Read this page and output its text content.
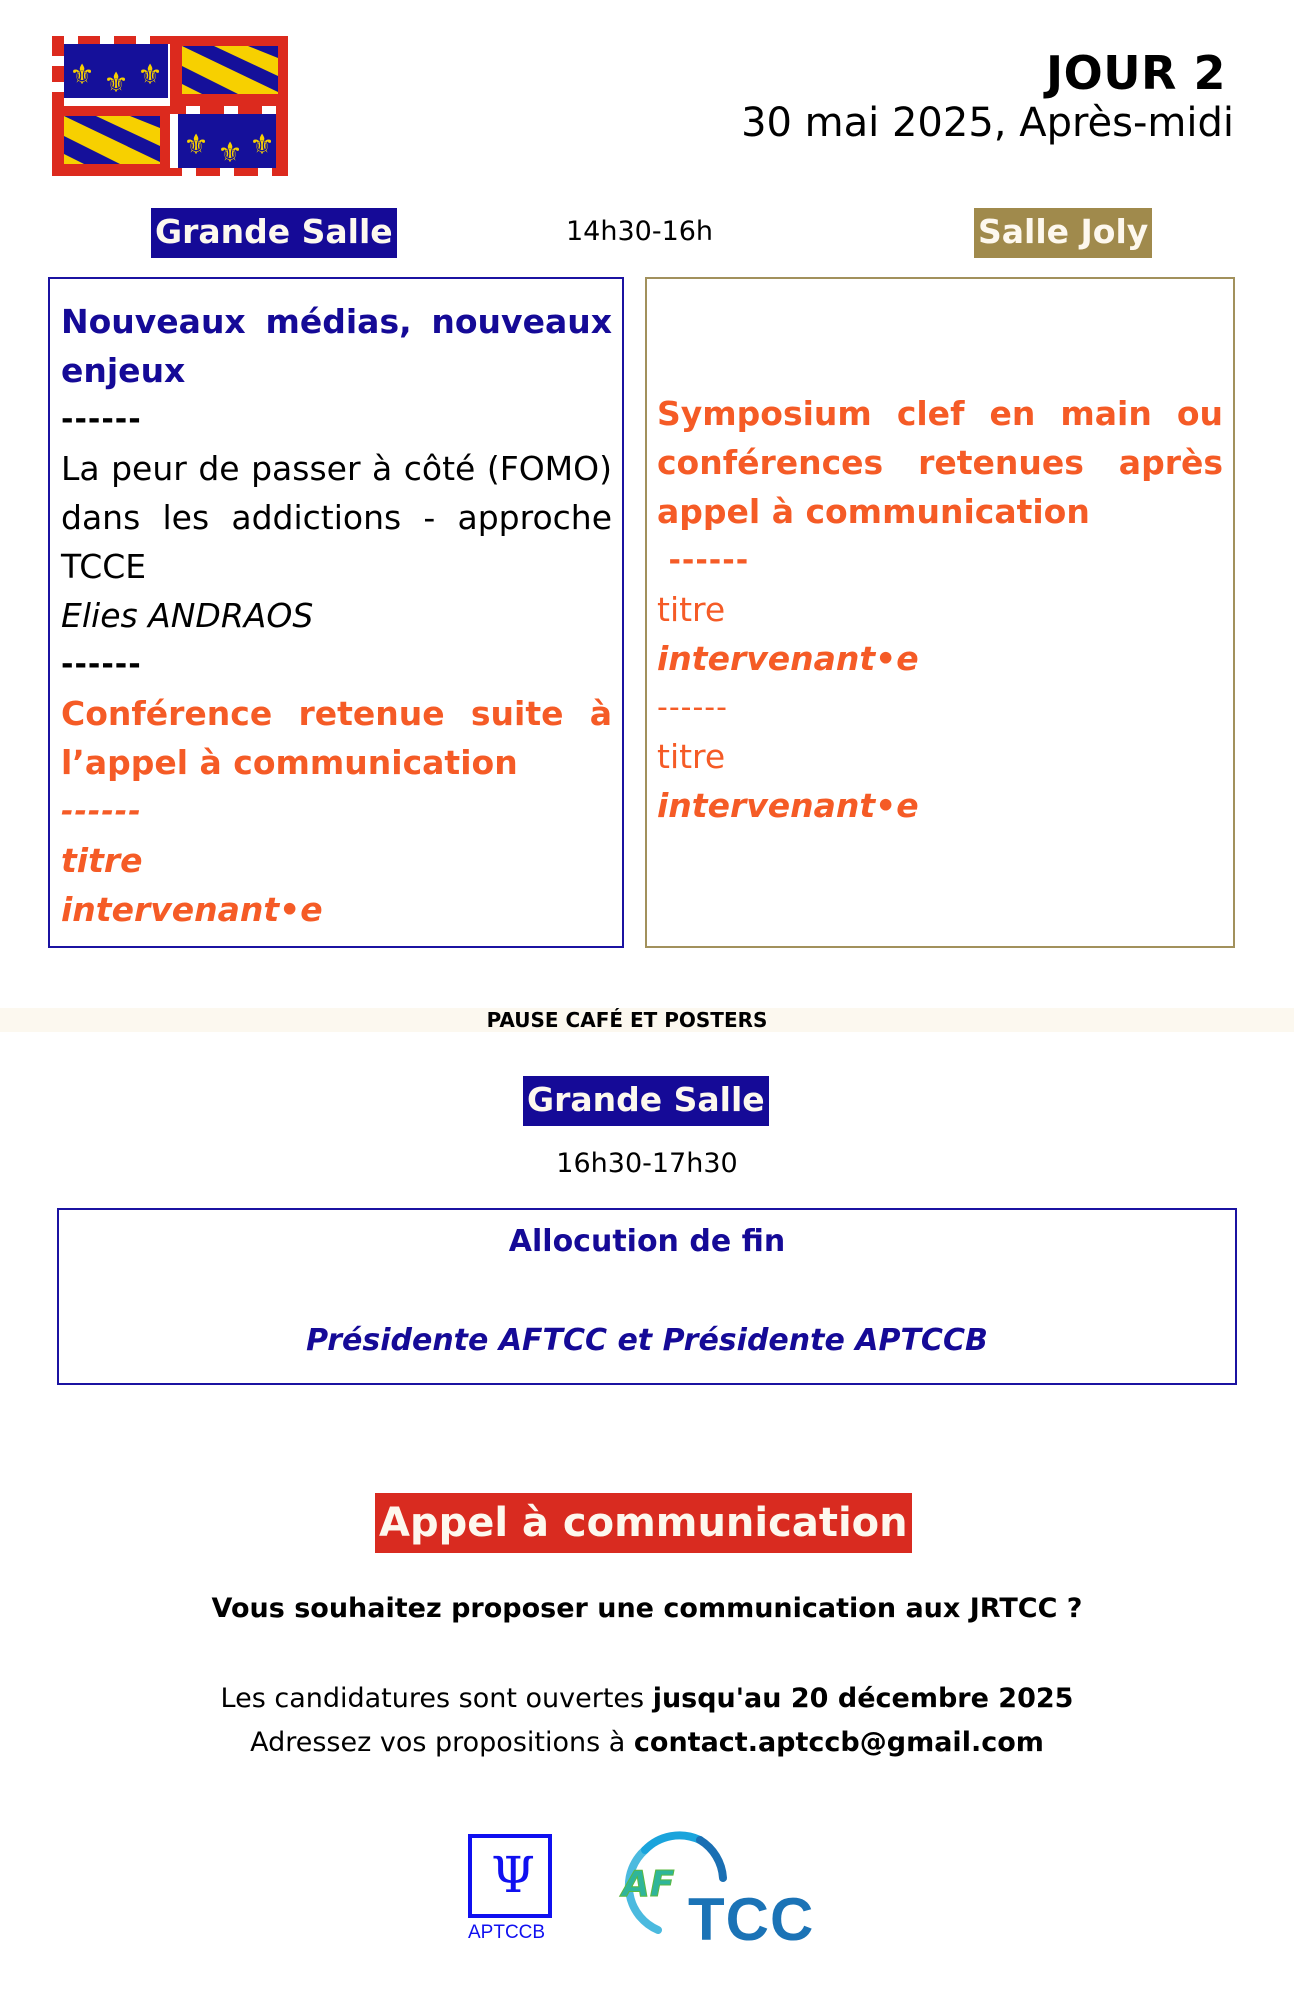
⚜ ⚜ ⚜
⚜ ⚜ ⚜
JOUR 2
30 mai 2025, Après-midi
Grande Salle	14h30-16h	Salle Joly
Nouveaux médias, nouveaux enjeux
------
La peur de passer à côté (FOMO) dans les addictions - approche TCCE
Elies ANDRAOS
------
Conférence retenue suite à l’appel à communication
------
titre
intervenant•e
Symposium clef en main ou conférences retenues après appel à communication
------
titre
intervenant•e
------
titre
intervenant•e
PAUSE CAFÉ ET POSTERS
Grande Salle
16h30-17h30
Allocution de fin
Présidente AFTCC et Présidente APTCCB
Appel à communication
Vous souhaitez proposer une communication aux JRTCC ?
Les candidatures sont ouvertes jusqu'au 20 décembre 2025
Adressez vos propositions à contact.aptccb@gmail.com
Ψ
APTCCB
AF
TCC
